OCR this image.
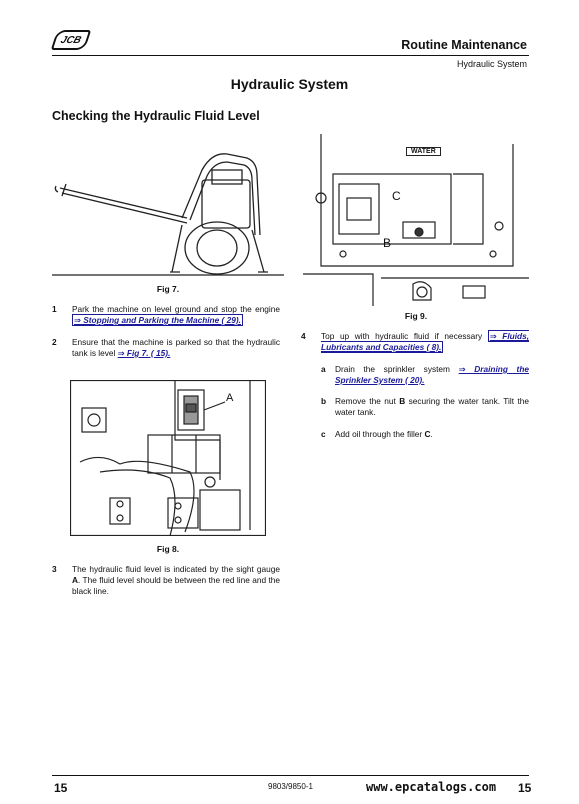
JCB	Routine Maintenance
Hydraulic System
Hydraulic System
Checking the Hydraulic Fluid Level
Fig 7.
1 Park the machine on level ground and stop the engine ⇒ Stopping and Parking the Machine ( 29).
2 Ensure that the machine is parked so that the hydraulic tank is level ⇒ Fig 7. ( 15).
A
Fig 8.
3 The hydraulic fluid level is indicated by the sight gauge A. The fluid level should be between the red line and the black line.
WATER
C
B
Fig 9.
4 Top up with hydraulic fluid if necessary ⇒ Fluids, Lubricants and Capacities ( 8).
a Drain the sprinkler system ⇒ Draining the Sprinkler System ( 20).
b Remove the nut B securing the water tank. Tilt the water tank.
c Add oil through the filler C.
15	9803/9850-1	www.epcatalogs.com 15
